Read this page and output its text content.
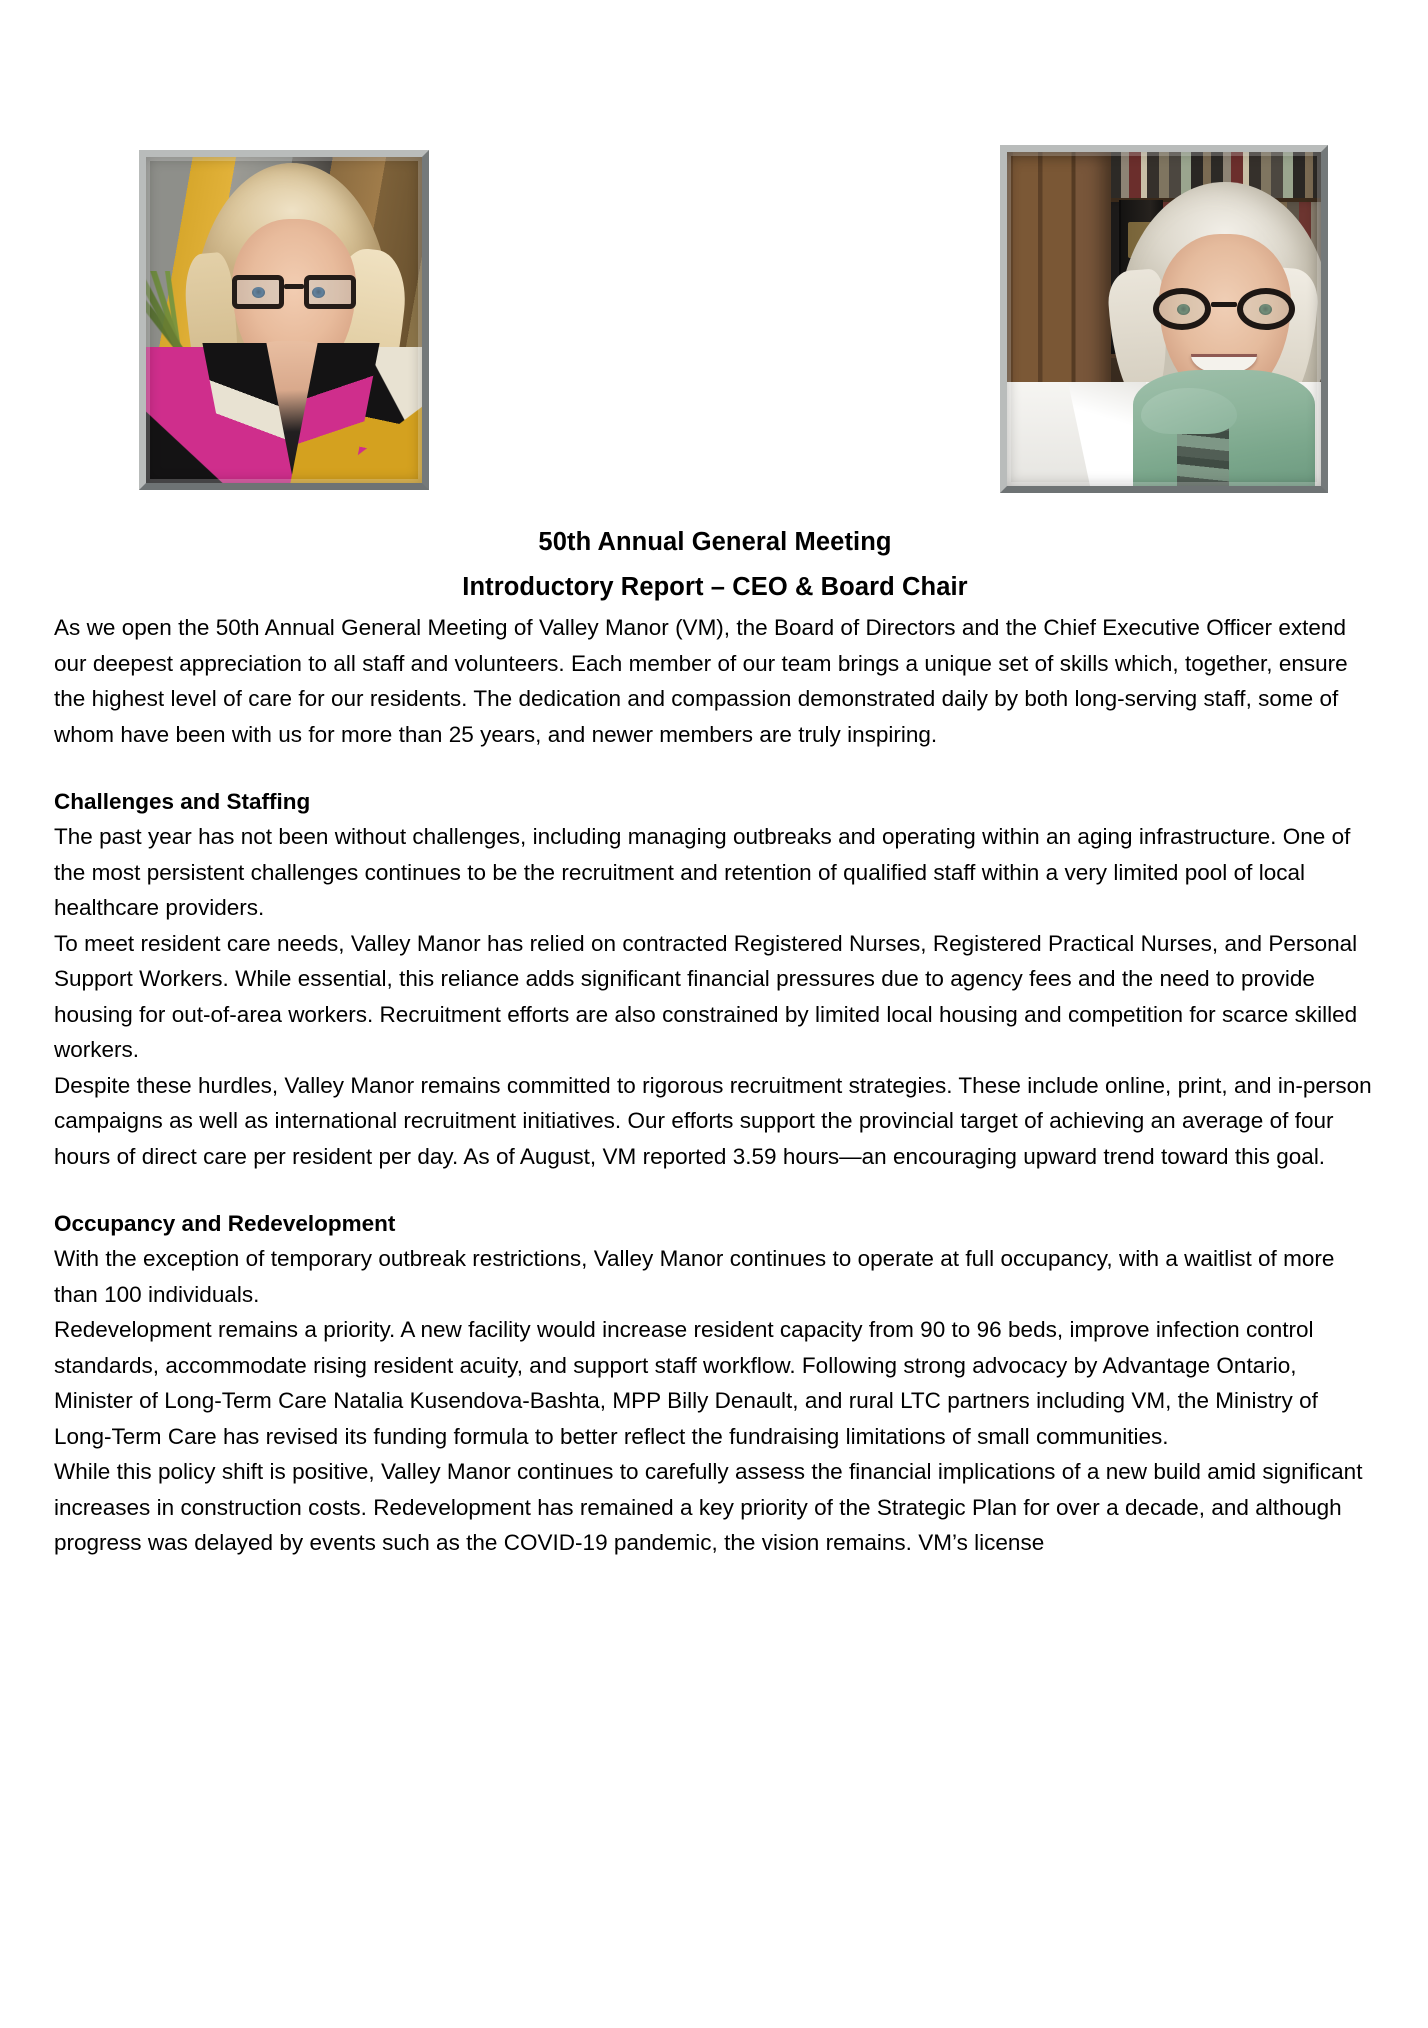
50th Annual General Meeting
Introductory Report – CEO & Board Chair

As we open the 50th Annual General Meeting of Valley Manor (VM), the Board of Directors and the Chief Executive Officer extend our deepest appreciation to all staff and volunteers. Each member of our team brings a unique set of skills which, together, ensure the highest level of care for our residents. The dedication and compassion demonstrated daily by both long-serving staff, some of whom have been with us for more than 25 years, and newer members are truly inspiring.

Challenges and Staffing

The past year has not been without challenges, including managing outbreaks and operating within an aging infrastructure. One of the most persistent challenges continues to be the recruitment and retention of qualified staff within a very limited pool of local healthcare providers.

To meet resident care needs, Valley Manor has relied on contracted Registered Nurses, Registered Practical Nurses, and Personal Support Workers. While essential, this reliance adds significant financial pressures due to agency fees and the need to provide housing for out-of-area workers. Recruitment efforts are also constrained by limited local housing and competition for scarce skilled workers.

Despite these hurdles, Valley Manor remains committed to rigorous recruitment strategies. These include online, print, and in-person campaigns as well as international recruitment initiatives. Our efforts support the provincial target of achieving an average of four hours of direct care per resident per day. As of August, VM reported 3.59 hours—an encouraging upward trend toward this goal.

Occupancy and Redevelopment

With the exception of temporary outbreak restrictions, Valley Manor continues to operate at full occupancy, with a waitlist of more than 100 individuals.

Redevelopment remains a priority. A new facility would increase resident capacity from 90 to 96 beds, improve infection control standards, accommodate rising resident acuity, and support staff workflow. Following strong advocacy by Advantage Ontario, Minister of Long-Term Care Natalia Kusendova-Bashta, MPP Billy Denault, and rural LTC partners including VM, the Ministry of Long-Term Care has revised its funding formula to better reflect the fundraising limitations of small communities.

While this policy shift is positive, Valley Manor continues to carefully assess the financial implications of a new build amid significant increases in construction costs. Redevelopment has remained a key priority of the Strategic Plan for over a decade, and although progress was delayed by events such as the COVID-19 pandemic, the vision remains. VM’s license
